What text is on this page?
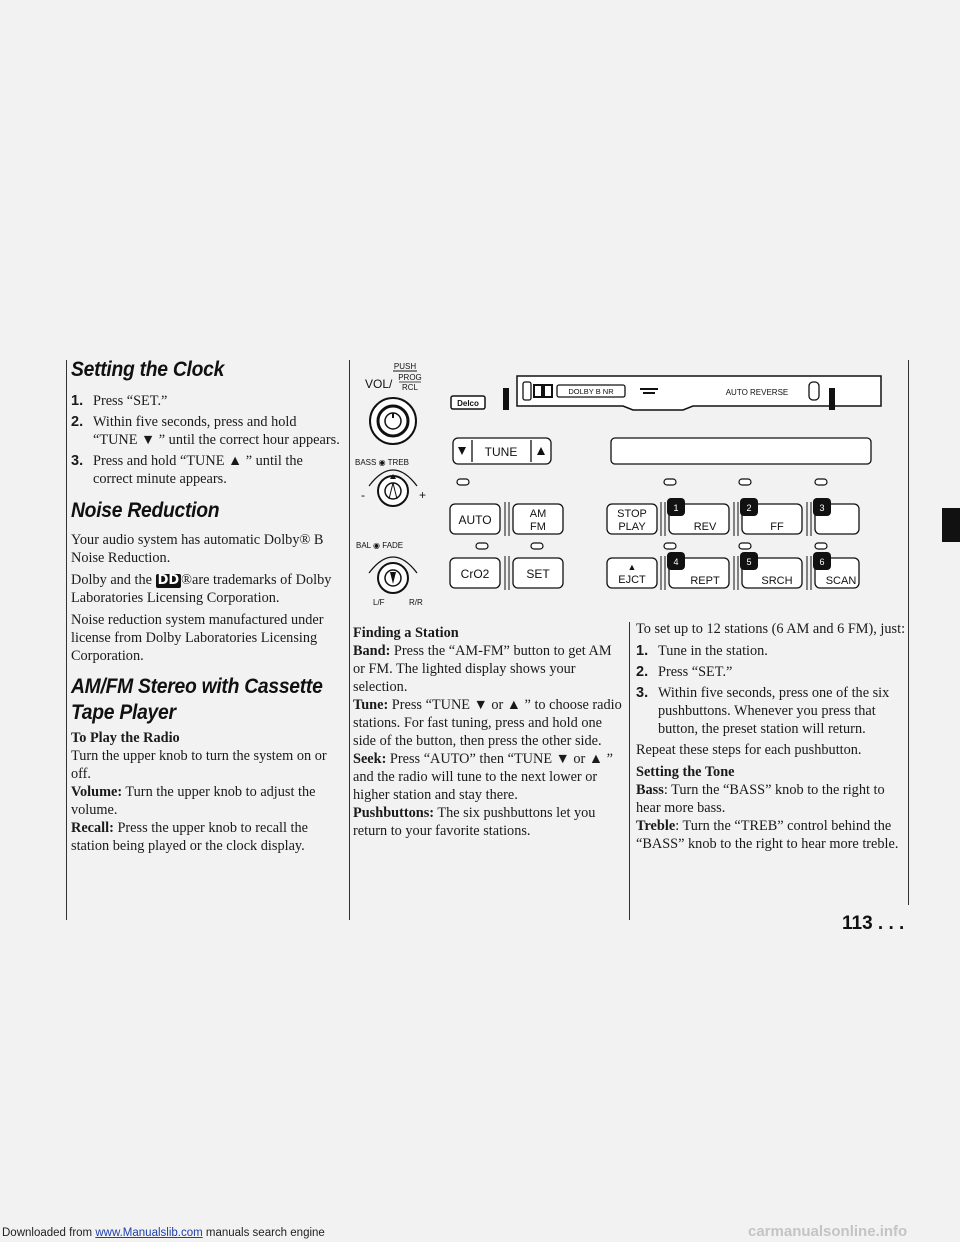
Setting the Clock
1. Press “SET.”
2. Within five seconds, press and hold “TUNE ▼ ” until the correct hour appears.
3. Press and hold “TUNE ▲ ” until the correct minute appears.
Noise Reduction
Your audio system has automatic Dolby® B Noise Reduction.
Dolby and the DD ®are trademarks of Dolby Laboratories Licensing Corporation.
Noise reduction system manufactured under license from Dolby Laboratories Licensing Corporation.
AM/FM Stereo with Cassette
Tape Player
To Play the Radio
Turn the upper knob to turn the system on or off.
Volume: Turn the upper knob to adjust the volume.
Recall: Press the upper knob to recall the station being played or the clock display.
PUSH
VOL/ PROG
RCL
Delco
DOLBY B NR	AUTO REVERSE
TUNE
BASS ◉ TREB
-	+
BAL ◉ FADE
L/F	R/R
AUTO	AM
FM
CrO2	SET
STOP
PLAY
1
REV
2
FF
3
▲
EJCT
4
REPT
5
SRCH
6
SCAN
Finding a Station
Band: Press the “AM-FM” button to get AM or FM. The lighted display shows your selection.
Tune: Press “TUNE ▼ or ▲ ” to choose radio stations. For fast tuning, press and hold one side of the button, then press the other side.
Seek: Press “AUTO” then “TUNE ▼ or ▲ ” and the radio will tune to the next lower or higher station and stay there.
Pushbuttons: The six pushbuttons let you return to your favorite stations.
To set up to 12 stations (6 AM and 6 FM), just:
1. Tune in the station.
2. Press “SET.”
3. Within five seconds, press one of the six pushbuttons. Whenever you press that button, the preset station will return.
Repeat these steps for each pushbutton.
Setting the Tone
Bass: Turn the “BASS” knob to the right to hear more bass.
Treble: Turn the “TREB” control behind the “BASS” knob to the right to hear more treble.
113 . . .
Downloaded from www.Manualslib.com manuals search engine	carmanualsonline.info
